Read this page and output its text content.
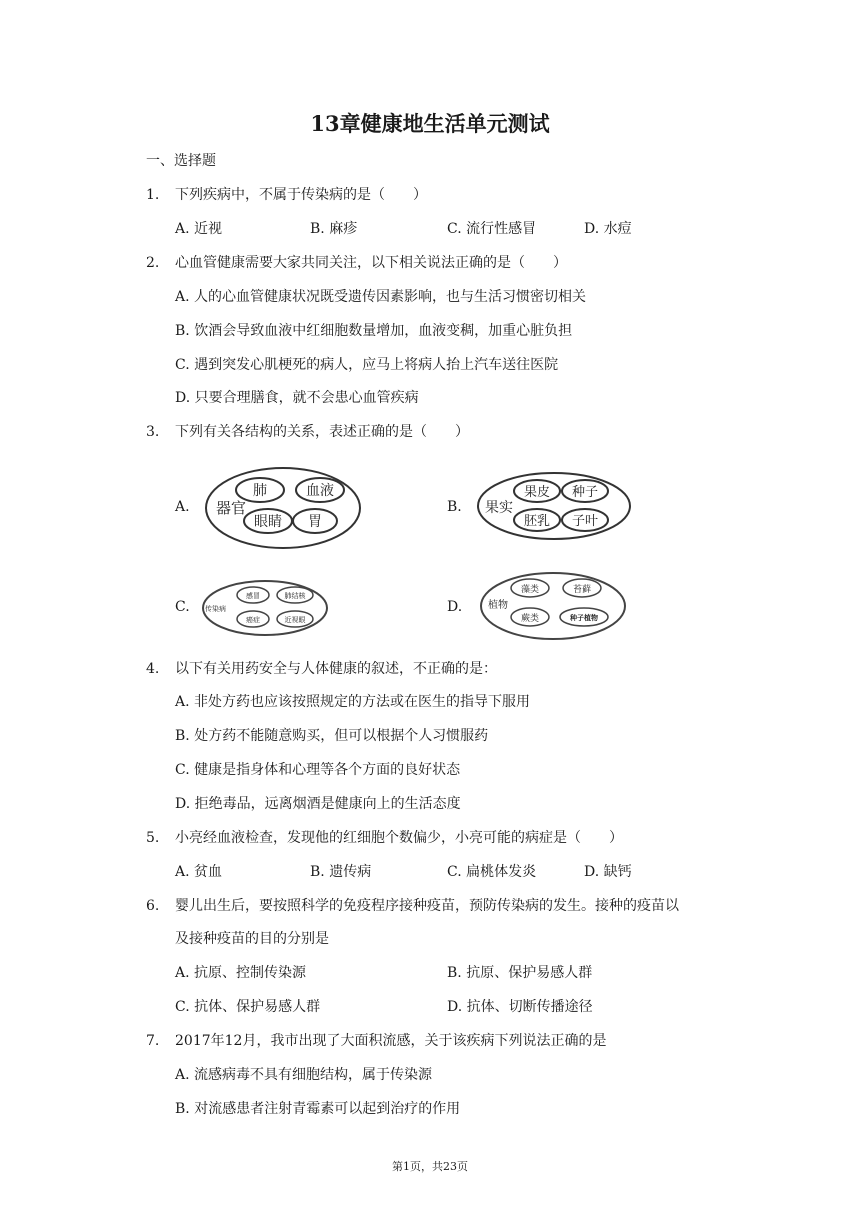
13章健康地生活单元测试
一、选择题
1. 下列疾病中，不属于传染病的是（　　）
A. 近视	B. 麻疹	C. 流行性感冒	D. 水痘
2. 心血管健康需要大家共同关注，以下相关说法正确的是（　　）
A. 人的心血管健康状况既受遗传因素影响，也与生活习惯密切相关
B. 饮酒会导致血液中红细胞数量增加，血液变稠，加重心脏负担
C. 遇到突发心肌梗死的病人，应马上将病人抬上汽车送往医院
D. 只要合理膳食，就不会患心血管疾病
3. 下列有关各结构的关系，表述正确的是（　　）
A. 器官
肺	血液
眼睛 胃
B. 果实
果皮 种子
胚乳 子叶
C. 传染病
感冒	肺结核
癌症	近视眼
D.	植物
藻类	苔藓
蕨类	种子植物
4. 以下有关用药安全与人体健康的叙述，不正确的是：
A. 非处方药也应该按照规定的方法或在医生的指导下服用
B. 处方药不能随意购买，但可以根据个人习惯服药
C. 健康是指身体和心理等各个方面的良好状态
D. 拒绝毒品，远离烟酒是健康向上的生活态度
5. 小亮经血液检查，发现他的红细胞个数偏少，小亮可能的病症是（　　）
A. 贫血	B. 遗传病	C. 扁桃体发炎	D. 缺钙
6. 婴儿出生后，要按照科学的免疫程序接种疫苗，预防传染病的发生。接种的疫苗以
及接种疫苗的目的分别是
A. 抗原、控制传染源	B. 抗原、保护易感人群
C. 抗体、保护易感人群	D. 抗体、切断传播途径
7. 2017年12月，我市出现了大面积流感，关于该疾病下列说法正确的是
A. 流感病毒不具有细胞结构，属于传染源
B. 对流感患者注射青霉素可以起到治疗的作用
第1页，共23页
